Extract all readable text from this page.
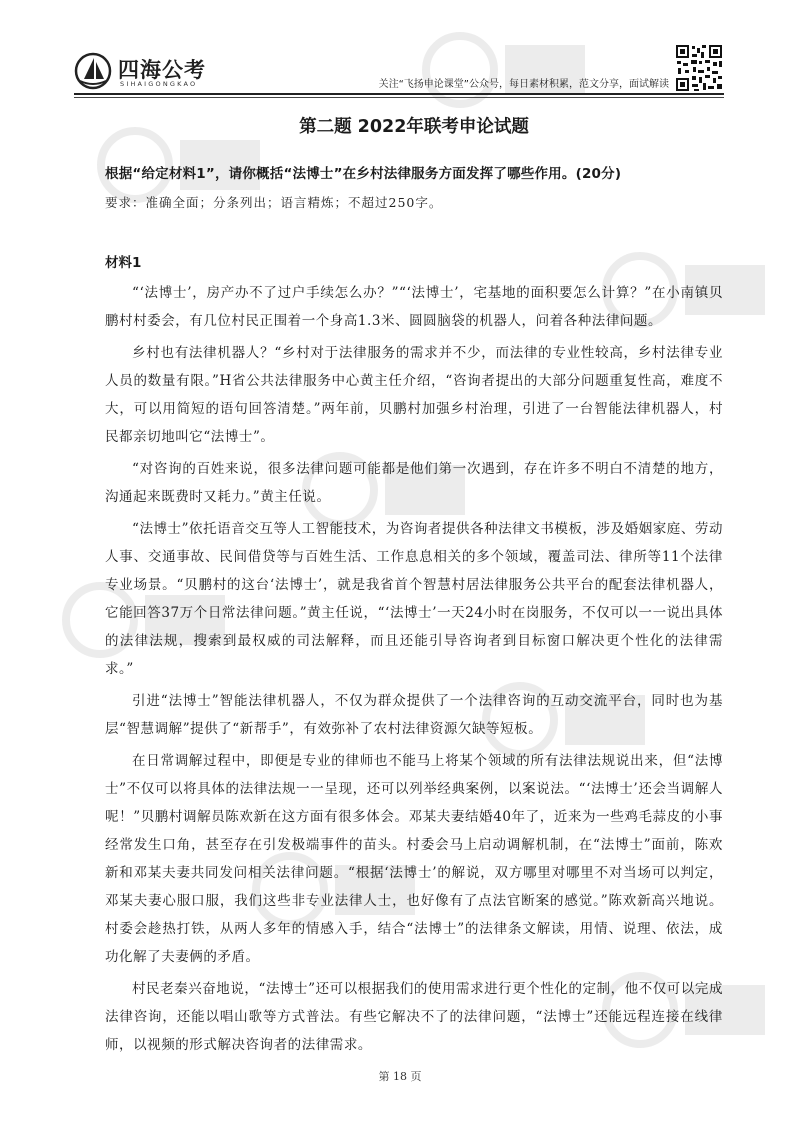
四海公考
SIHAIGONGKAO	关注“飞扬申论课堂”公众号，每日素材积累，范文分享，面试解读
第二题 2022年联考申论试题
根据“给定材料1”，请你概括“法博士”在乡村法律服务方面发挥了哪些作用。(20分)
要求：准确全面；分条列出；语言精炼；不超过250字。
材料1

“‘法博士’，房产办不了过户手续怎么办？”“‘法博士’，宅基地的面积要怎么计算？”在小南镇贝鹏村村委会，有几位村民正围着一个身高1.3米、圆圆脑袋的机器人，问着各种法律问题。

乡村也有法律机器人？“乡村对于法律服务的需求并不少，而法律的专业性较高，乡村法律专业人员的数量有限。”H省公共法律服务中心黄主任介绍，“咨询者提出的大部分问题重复性高，难度不大，可以用简短的语句回答清楚。”两年前，贝鹏村加强乡村治理，引进了一台智能法律机器人，村民都亲切地叫它“法博士”。

“对咨询的百姓来说，很多法律问题可能都是他们第一次遇到，存在许多不明白不清楚的地方，沟通起来既费时又耗力。”黄主任说。

“法博士”依托语音交互等人工智能技术，为咨询者提供各种法律文书模板，涉及婚姻家庭、劳动人事、交通事故、民间借贷等与百姓生活、工作息息相关的多个领域，覆盖司法、律所等11个法律专业场景。“贝鹏村的这台‘法博士’，就是我省首个智慧村居法律服务公共平台的配套法律机器人，它能回答37万个日常法律问题。”黄主任说，“‘法博士’一天24小时在岗服务，不仅可以一一说出具体的法律法规，搜索到最权威的司法解释，而且还能引导咨询者到目标窗口解决更个性化的法律需求。”

引进“法博士”智能法律机器人，不仅为群众提供了一个法律咨询的互动交流平台，同时也为基层“智慧调解”提供了“新帮手”，有效弥补了农村法律资源欠缺等短板。

在日常调解过程中，即便是专业的律师也不能马上将某个领域的所有法律法规说出来，但“法博士”不仅可以将具体的法律法规一一呈现，还可以列举经典案例，以案说法。“‘法博士’还会当调解人呢！”贝鹏村调解员陈欢新在这方面有很多体会。邓某夫妻结婚40年了，近来为一些鸡毛蒜皮的小事经常发生口角，甚至存在引发极端事件的苗头。村委会马上启动调解机制，在“法博士”面前，陈欢新和邓某夫妻共同发问相关法律问题。“根据‘法博士’的解说，双方哪里对哪里不对当场可以判定，邓某夫妻心服口服，我们这些非专业法律人士，也好像有了点法官断案的感觉。”陈欢新高兴地说。村委会趁热打铁，从两人多年的情感入手，结合“法博士”的法律条文解读，用情、说理、依法，成功化解了夫妻俩的矛盾。

村民老秦兴奋地说，“法博士”还可以根据我们的使用需求进行更个性化的定制，他不仅可以完成法律咨询，还能以唱山歌等方式普法。有些它解决不了的法律问题，“法博士”还能远程连接在线律师，以视频的形式解决咨询者的法律需求。

第 18 页
